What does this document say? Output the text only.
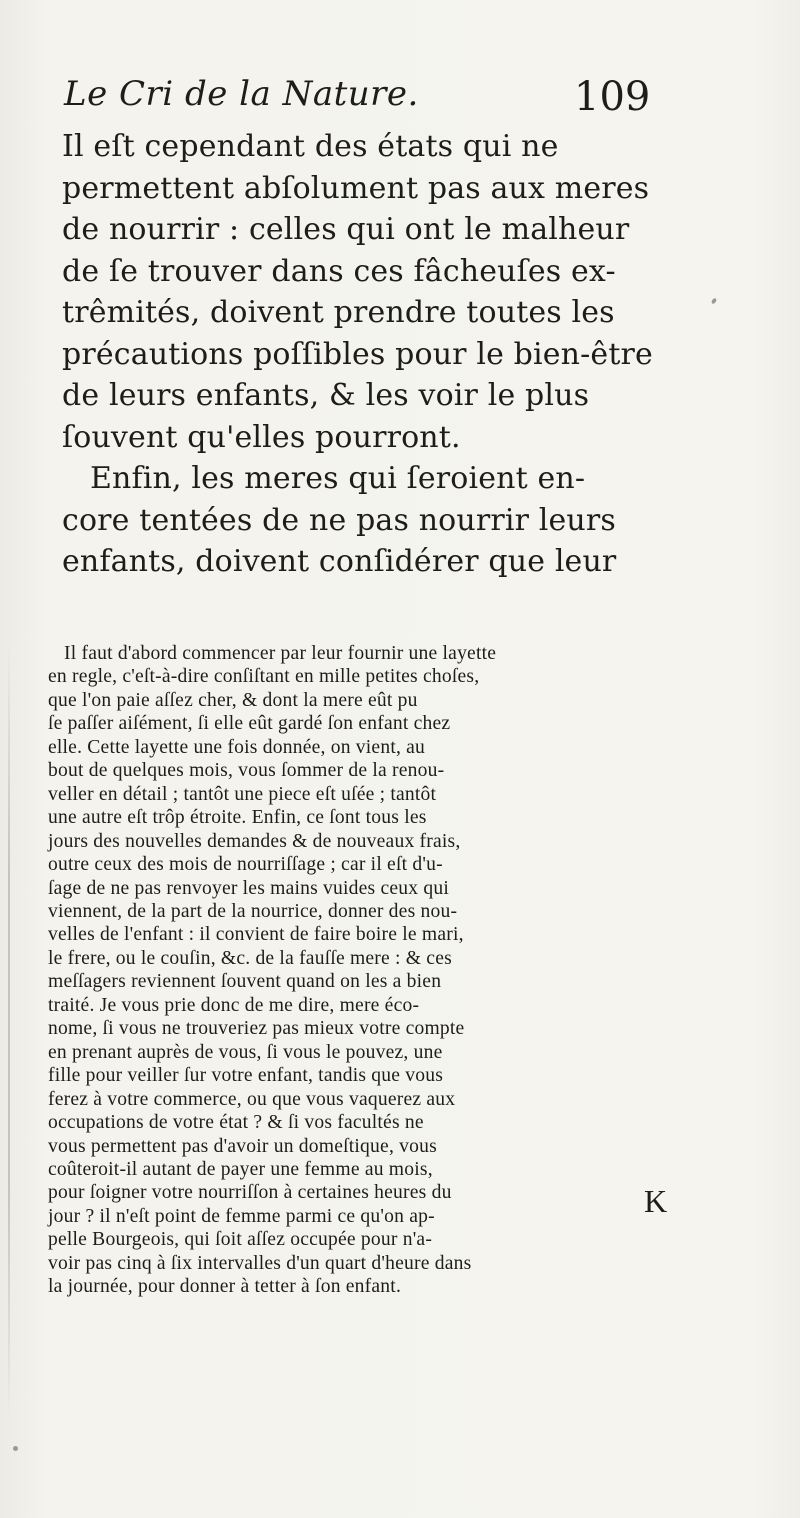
Le Cri de la Nature.	109
Il eſt cependant des états qui ne
permettent abſolument pas aux meres
de nourrir : celles qui ont le malheur
de ſe trouver dans ces fâcheuſes ex-
trêmités, doivent prendre toutes les
précautions poſſibles pour le bien-être
de leurs enfants, & les voir le plus
ſouvent qu'elles pourront.
Enfin, les meres qui ſeroient en-
core tentées de ne pas nourrir leurs
enfants, doivent conſidérer que leur
Il faut d'abord commencer par leur fournir une layette
en regle, c'eſt-à-dire conſiſtant en mille petites choſes,
que l'on paie aſſez cher, & dont la mere eût pu
ſe paſſer aiſément, ſi elle eût gardé ſon enfant chez
elle. Cette layette une fois donnée, on vient, au
bout de quelques mois, vous ſommer de la renou-
veller en détail ; tantôt une piece eſt uſée ; tantôt
une autre eſt trôp étroite. Enfin, ce ſont tous les
jours des nouvelles demandes & de nouveaux frais,
outre ceux des mois de nourriſſage ; car il eſt d'u-
ſage de ne pas renvoyer les mains vuides ceux qui
viennent, de la part de la nourrice, donner des nou-
velles de l'enfant : il convient de faire boire le mari,
le frere, ou le couſin, &c. de la fauſſe mere : & ces
meſſagers reviennent ſouvent quand on les a bien
traité. Je vous prie donc de me dire, mere éco-
nome, ſi vous ne trouveriez pas mieux votre compte
en prenant auprès de vous, ſi vous le pouvez, une
fille pour veiller ſur votre enfant, tandis que vous
ferez à votre commerce, ou que vous vaquerez aux
occupations de votre état ? & ſi vos facultés ne
vous permettent pas d'avoir un domeſtique, vous
coûteroit-il autant de payer une femme au mois,
pour ſoigner votre nourriſſon à certaines heures du
jour ? il n'eſt point de femme parmi ce qu'on ap-
pelle Bourgeois, qui ſoit aſſez occupée pour n'a-
voir pas cinq à ſix intervalles d'un quart d'heure dans
la journée, pour donner à tetter à ſon enfant.
K
